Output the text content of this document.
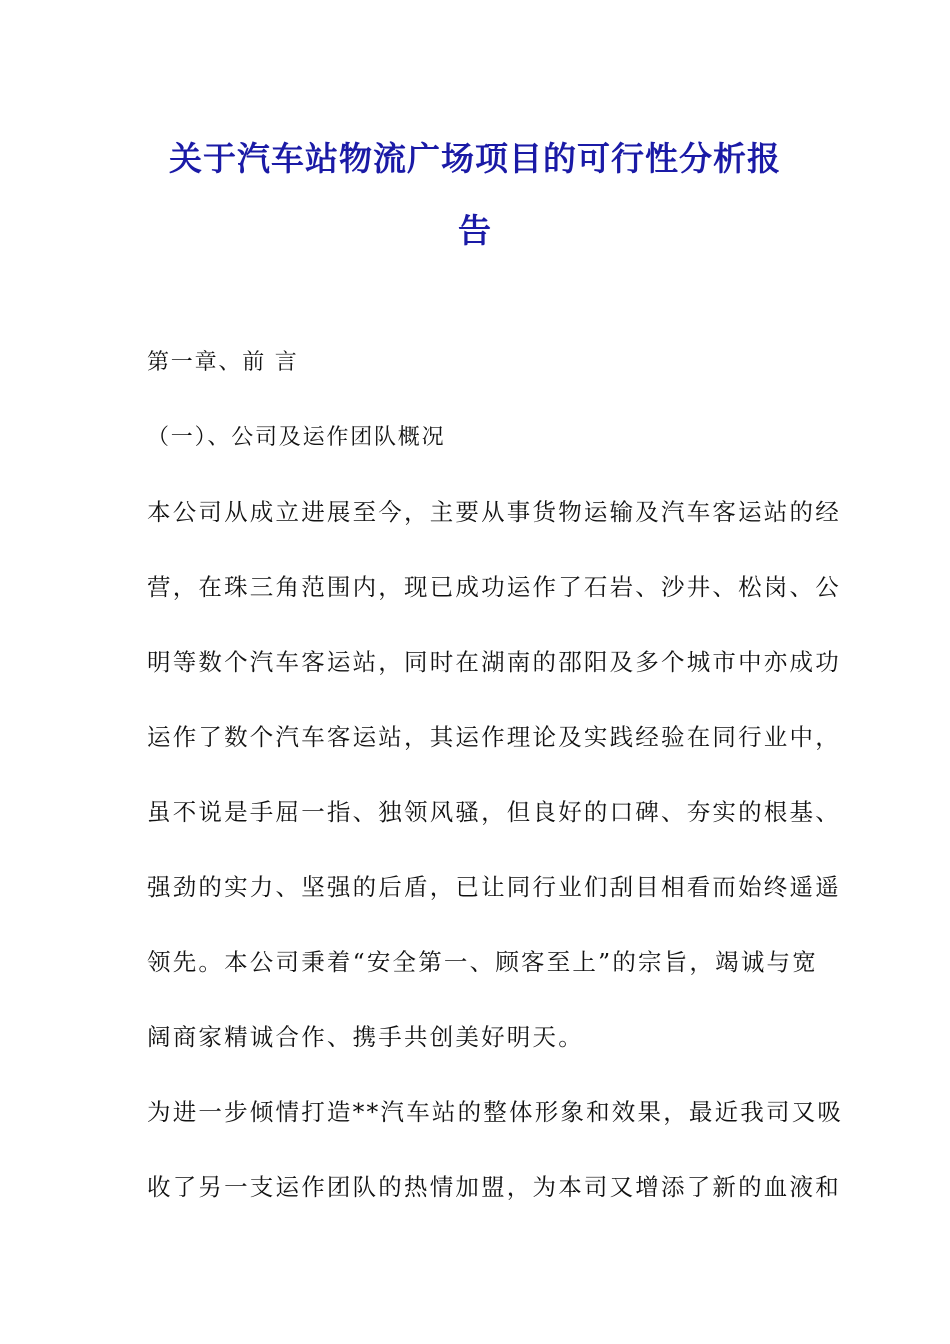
关于汽车站物流广场项目的可行性分析报
告
第一章、前 言
（一）、公司及运作团队概况
本公司从成立进展至今，主要从事货物运输及汽车客运站的经
营，在珠三角范围内，现已成功运作了石岩、沙井、松岗、公
明等数个汽车客运站，同时在湖南的邵阳及多个城市中亦成功
运作了数个汽车客运站，其运作理论及实践经验在同行业中，
虽不说是手屈一指、独领风骚，但良好的口碑、夯实的根基、
强劲的实力、坚强的后盾，已让同行业们刮目相看而始终遥遥
领先。本公司秉着“安全第一、顾客至上”的宗旨，竭诚与宽
阔商家精诚合作、携手共创美好明天。
为进一步倾情打造**汽车站的整体形象和效果，最近我司又吸
收了另一支运作团队的热情加盟，为本司又增添了新的血液和
